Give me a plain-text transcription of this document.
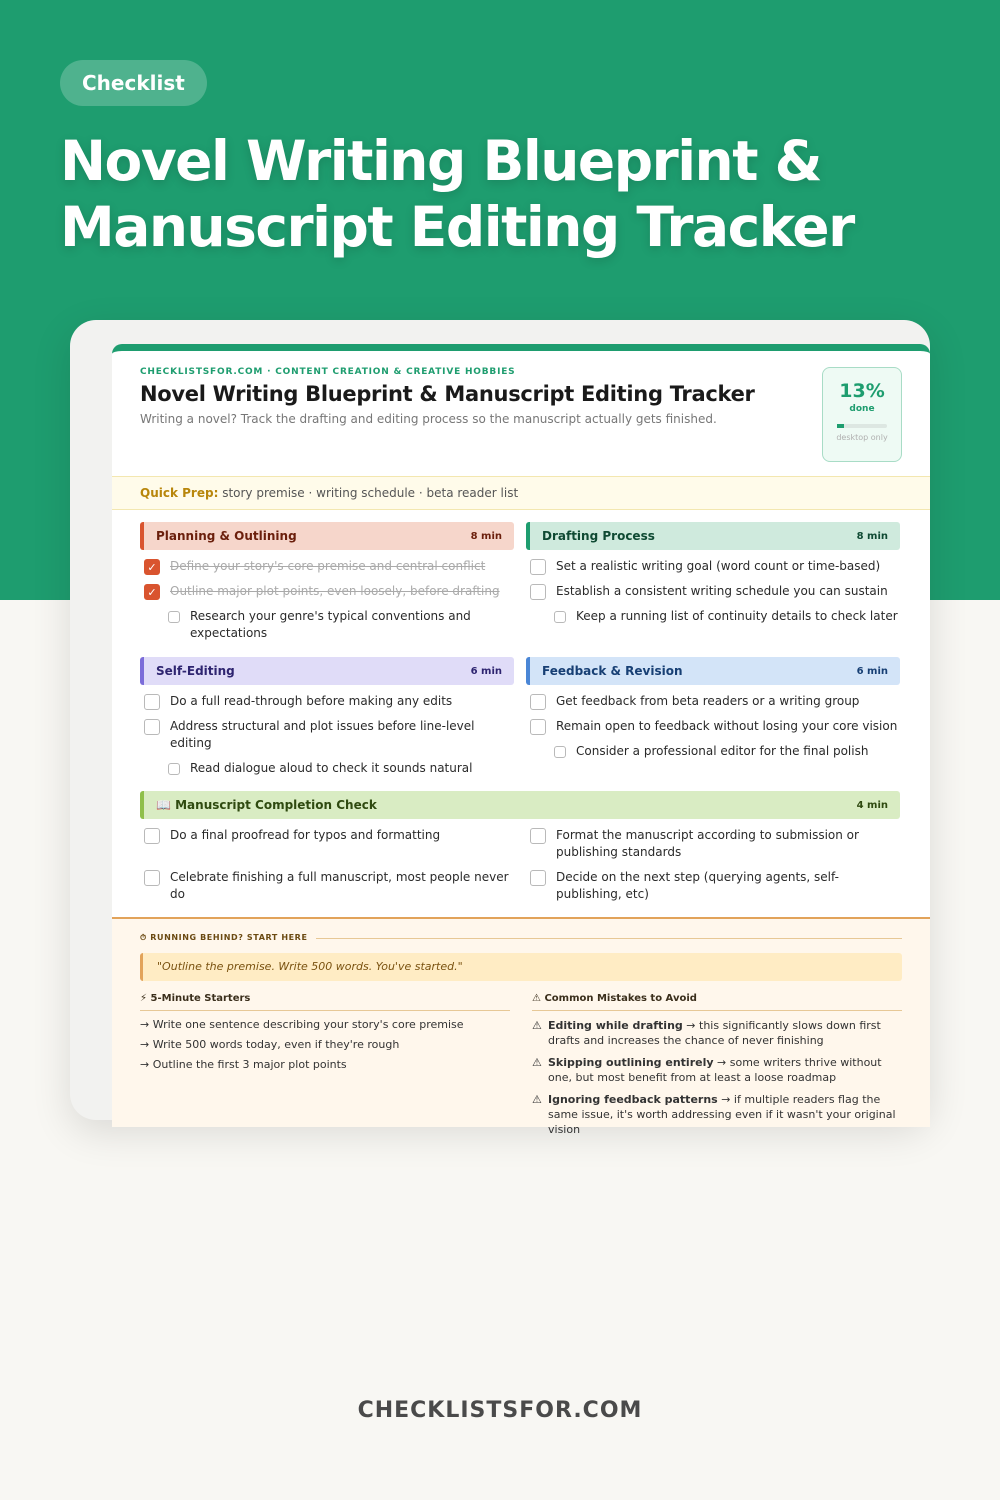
Checklist
Novel Writing Blueprint & Manuscript Editing Tracker
CHECKLISTSFOR.COM · CONTENT CREATION & CREATIVE HOBBIES
Novel Writing Blueprint & Manuscript Editing Tracker
Writing a novel? Track the drafting and editing process so the manuscript actually gets finished.
13%
done
desktop only
Quick Prep: story premise · writing schedule · beta reader list
Planning & Outlining	8 min
✓ Define your story's core premise and central conflict
✓ Outline major plot points, even loosely, before drafting
Research your genre's typical conventions and expectations
Drafting Process	8 min
Set a realistic writing goal (word count or time-based)
Establish a consistent writing schedule you can sustain
Keep a running list of continuity details to check later
Self-Editing	6 min
Do a full read-through before making any edits
Address structural and plot issues before line-level editing
Read dialogue aloud to check it sounds natural
Feedback & Revision	6 min
Get feedback from beta readers or a writing group
Remain open to feedback without losing your core vision
Consider a professional editor for the final polish
📖 Manuscript Completion Check	4 min
Do a final proofread for typos and formatting	Format the manuscript according to submission or publishing standards
Celebrate finishing a full manuscript, most people never do
Decide on the next step (querying agents, self-publishing, etc)
⏱ RUNNING BEHIND? START HERE
"Outline the premise. Write 500 words. You've started."
⚡ 5-Minute Starters
→ Write one sentence describing your story's core premise
→ Write 500 words today, even if they're rough
→ Outline the first 3 major plot points
⚠ Common Mistakes to Avoid
⚠ Editing while drafting → this significantly slows down first drafts and increases the chance of never finishing
⚠ Skipping outlining entirely → some writers thrive without one, but most benefit from at least a loose roadmap
⚠ Ignoring feedback patterns → if multiple readers flag the same issue, it's worth addressing even if it wasn't your original vision
CHECKLISTSFOR.COM
